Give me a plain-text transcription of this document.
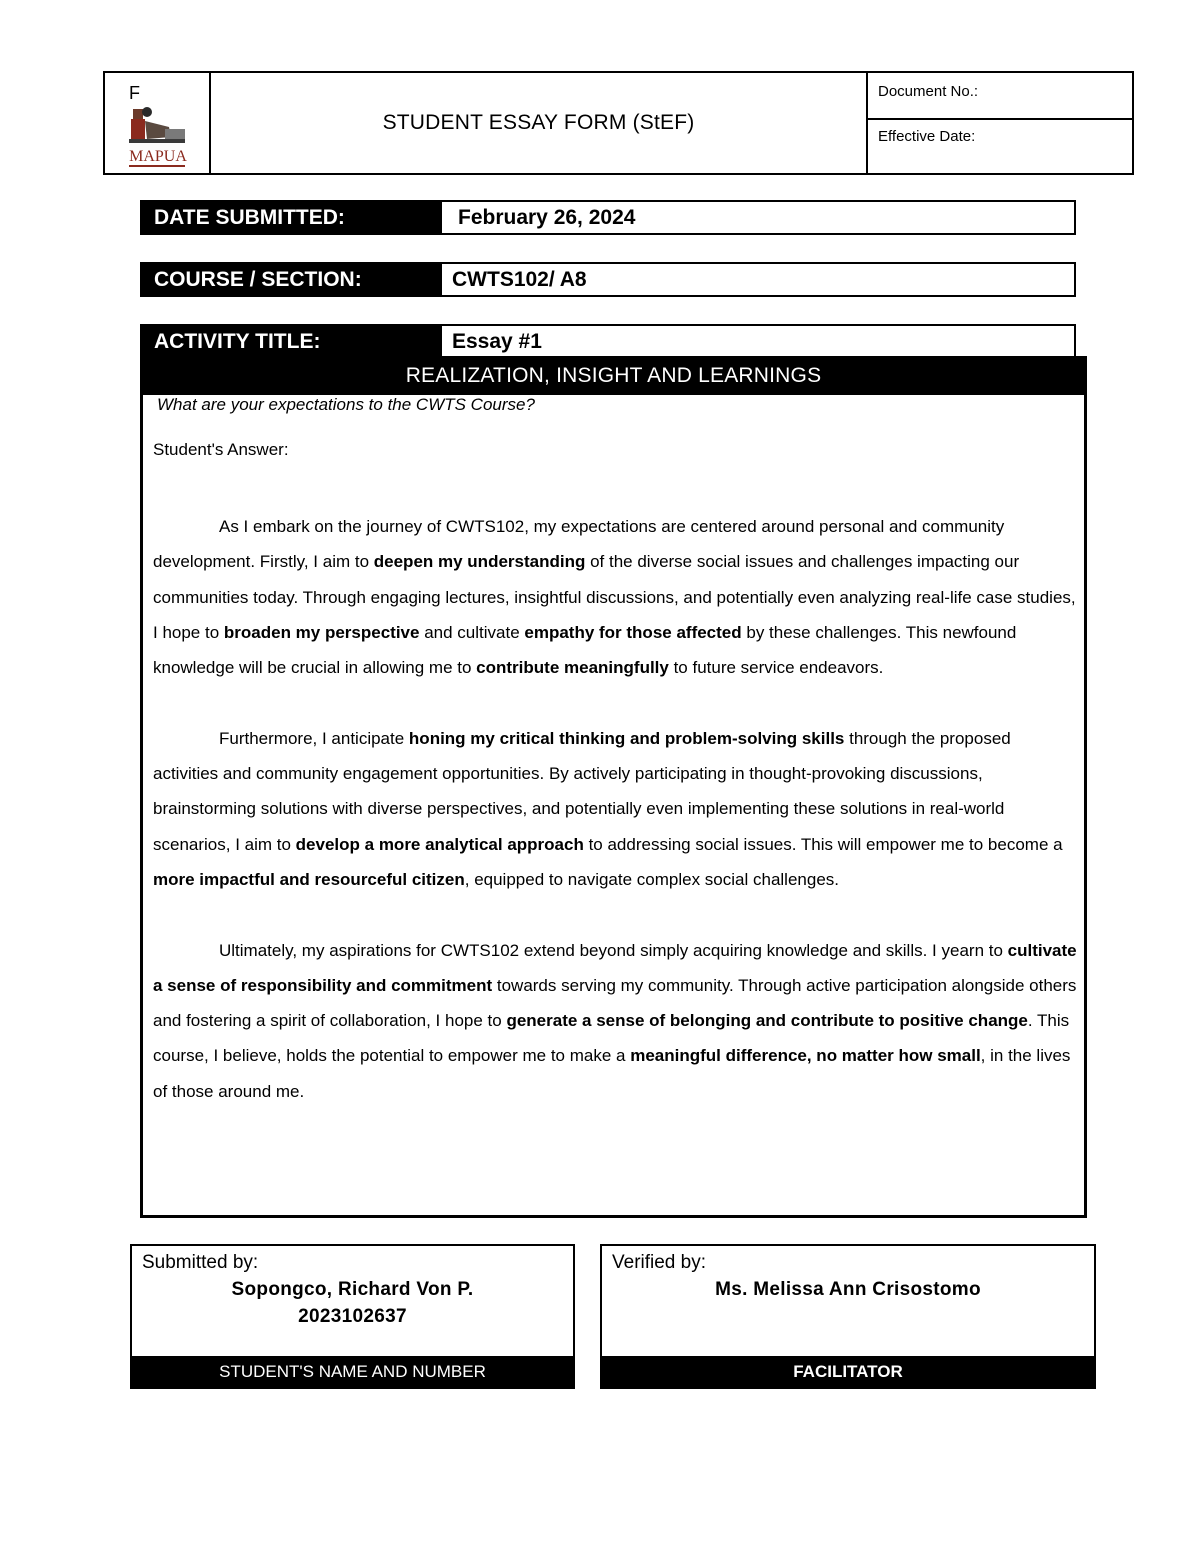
F
MAPUA
STUDENT ESSAY FORM (StEF)
Document No.:
Effective Date:
DATE SUBMITTED:	February 26, 2024
COURSE / SECTION:	CWTS102/ A8
ACTIVITY TITLE:	Essay #1
REALIZATION, INSIGHT AND LEARNINGS
What are your expectations to the CWTS Course?
Student's Answer:

As I embark on the journey of CWTS102, my expectations are centered around personal and community development. Firstly, I aim to deepen my understanding of the diverse social issues and challenges impacting our communities today. Through engaging lectures, insightful discussions, and potentially even analyzing real-life case studies, I hope to broaden my perspective and cultivate empathy for those affected by these challenges. This newfound knowledge will be crucial in allowing me to contribute meaningfully to future service endeavors.

Furthermore, I anticipate honing my critical thinking and problem-solving skills through the proposed activities and community engagement opportunities. By actively participating in thought-provoking discussions, brainstorming solutions with diverse perspectives, and potentially even implementing these solutions in real-world scenarios, I aim to develop a more analytical approach to addressing social issues. This will empower me to become a more impactful and resourceful citizen, equipped to navigate complex social challenges.

Ultimately, my aspirations for CWTS102 extend beyond simply acquiring knowledge and skills. I yearn to cultivate a sense of responsibility and commitment towards serving my community. Through active participation alongside others and fostering a spirit of collaboration, I hope to generate a sense of belonging and contribute to positive change. This course, I believe, holds the potential to empower me to make a meaningful difference, no matter how small, in the lives of those around me.

Submitted by:
Sopongco, Richard Von P.
2023102637
STUDENT'S NAME AND NUMBER
Verified by:
Ms. Melissa Ann Crisostomo
FACILITATOR
